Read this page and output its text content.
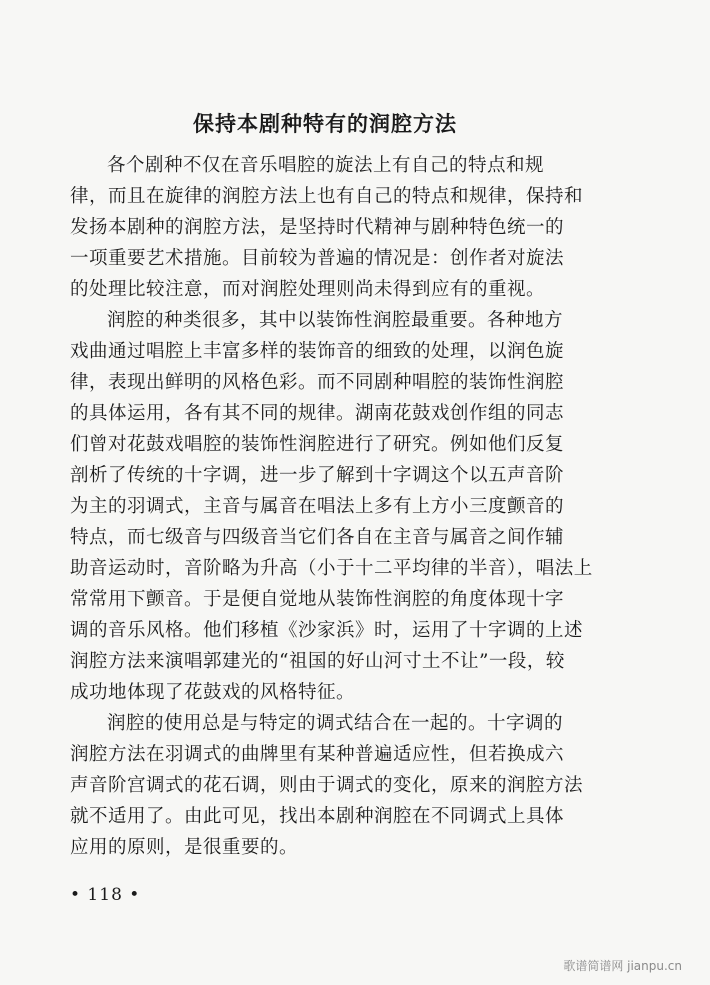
保持本剧种特有的润腔方法
各个剧种不仅在音乐唱腔的旋法上有自己的特点和规
律，而且在旋律的润腔方法上也有自己的特点和规律，保持和
发扬本剧种的润腔方法，是坚持时代精神与剧种特色统一的
一项重要艺术措施。目前较为普遍的情况是：创作者对旋法
的处理比较注意，而对润腔处理则尚未得到应有的重视。
润腔的种类很多，其中以装饰性润腔最重要。各种地方
戏曲通过唱腔上丰富多样的装饰音的细致的处理，以润色旋
律，表现出鲜明的风格色彩。而不同剧种唱腔的装饰性润腔
的具体运用，各有其不同的规律。湖南花鼓戏创作组的同志
们曾对花鼓戏唱腔的装饰性润腔进行了研究。例如他们反复
剖析了传统的十字调，进一步了解到十字调这个以五声音阶
为主的羽调式，主音与属音在唱法上多有上方小三度颤音的
特点，而七级音与四级音当它们各自在主音与属音之间作辅
助音运动时，音阶略为升高（小于十二平均律的半音），唱法上
常常用下颤音。于是便自觉地从装饰性润腔的角度体现十字
调的音乐风格。他们移植《沙家浜》时，运用了十字调的上述
润腔方法来演唱郭建光的“祖国的好山河寸土不让”一段，较
成功地体现了花鼓戏的风格特征。
润腔的使用总是与特定的调式结合在一起的。十字调的
润腔方法在羽调式的曲牌里有某种普遍适应性，但若换成六
声音阶宫调式的花石调，则由于调式的变化，原来的润腔方法
就不适用了。由此可见，找出本剧种润腔在不同调式上具体
应用的原则，是很重要的。
• 118 •
歌谱简谱网 jianpu.cn
